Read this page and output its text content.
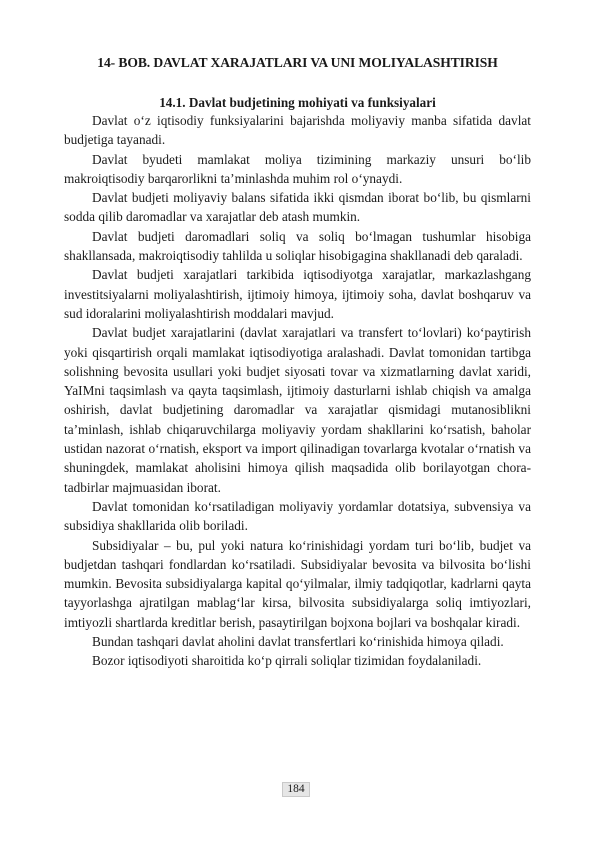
14- BOB. DAVLAT XARAJATLARI VA UNI MOLIYALASHTIRISH
14.1. Davlat budjetining mohiyati va funksiyalari

Davlat o‘z iqtisodiy funksiyalarini bajarishda moliyaviy manba sifatida davlat budjetiga tayanadi.

Davlat byudeti mamlakat moliya tizimining markaziy unsuri bo‘lib makroiqtisodiy barqarorlikni ta’minlashda muhim rol o‘ynaydi.

Davlat budjeti moliyaviy balans sifatida ikki qismdan iborat bo‘lib, bu qismlarni sodda qilib daromadlar va xarajatlar deb atash mumkin.

Davlat budjeti daromadlari soliq va soliq bo‘lmagan tushumlar hisobiga shakllansada, makroiqtisodiy tahlilda u soliqlar hisobigagina shakllanadi deb qaraladi.

Davlat budjeti xarajatlari tarkibida iqtisodiyotga xarajatlar, markazlashgang investitsiyalarni moliyalashtirish, ijtimoiy himoya, ijtimoiy soha, davlat boshqaruv va sud idoralarini moliyalashtirish moddalari mavjud.

Davlat budjet xarajatlarini (davlat xarajatlari va transfert to‘lovlari) ko‘paytirish yoki qisqartirish orqali mamlakat iqtisodiyotiga aralashadi. Davlat tomonidan tartibga solishning bevosita usullari yoki budjet siyosati tovar va xizmatlarning davlat xaridi, YaIMni taqsimlash va qayta taqsimlash, ijtimoiy dasturlarni ishlab chiqish va amalga oshirish, davlat budjetining daromadlar va xarajatlar qismidagi mutanosiblikni ta’minlash, ishlab chiqaruvchilarga moliyaviy yordam shakllarini ko‘rsatish, baholar ustidan nazorat o‘rnatish, eksport va import qilinadigan tovarlarga kvotalar o‘rnatish va shuningdek, mamlakat aholisini himoya qilish maqsadida olib borilayotgan chora-tadbirlar majmuasidan iborat.

Davlat tomonidan ko‘rsatiladigan moliyaviy yordamlar dotatsiya, subvensiya va subsidiya shakllarida olib boriladi.

Subsidiyalar – bu, pul yoki natura ko‘rinishidagi yordam turi bo‘lib, budjet va budjetdan tashqari fondlardan ko‘rsatiladi. Subsidiyalar bevosita va bilvosita bo‘lishi mumkin. Bevosita subsidiyalarga kapital qo‘yilmalar, ilmiy tadqiqotlar, kadrlarni qayta tayyorlashga ajratilgan mablag‘lar kirsa, bilvosita subsidiyalarga soliq imtiyozlari, imtiyozli shartlarda kreditlar berish, pasaytirilgan bojxona bojlari va boshqalar kiradi.

Bundan tashqari davlat aholini davlat transfertlari ko‘rinishida himoya qiladi.

Bozor iqtisodiyoti sharoitida ko‘p qirrali soliqlar tizimidan foydalaniladi.

184
